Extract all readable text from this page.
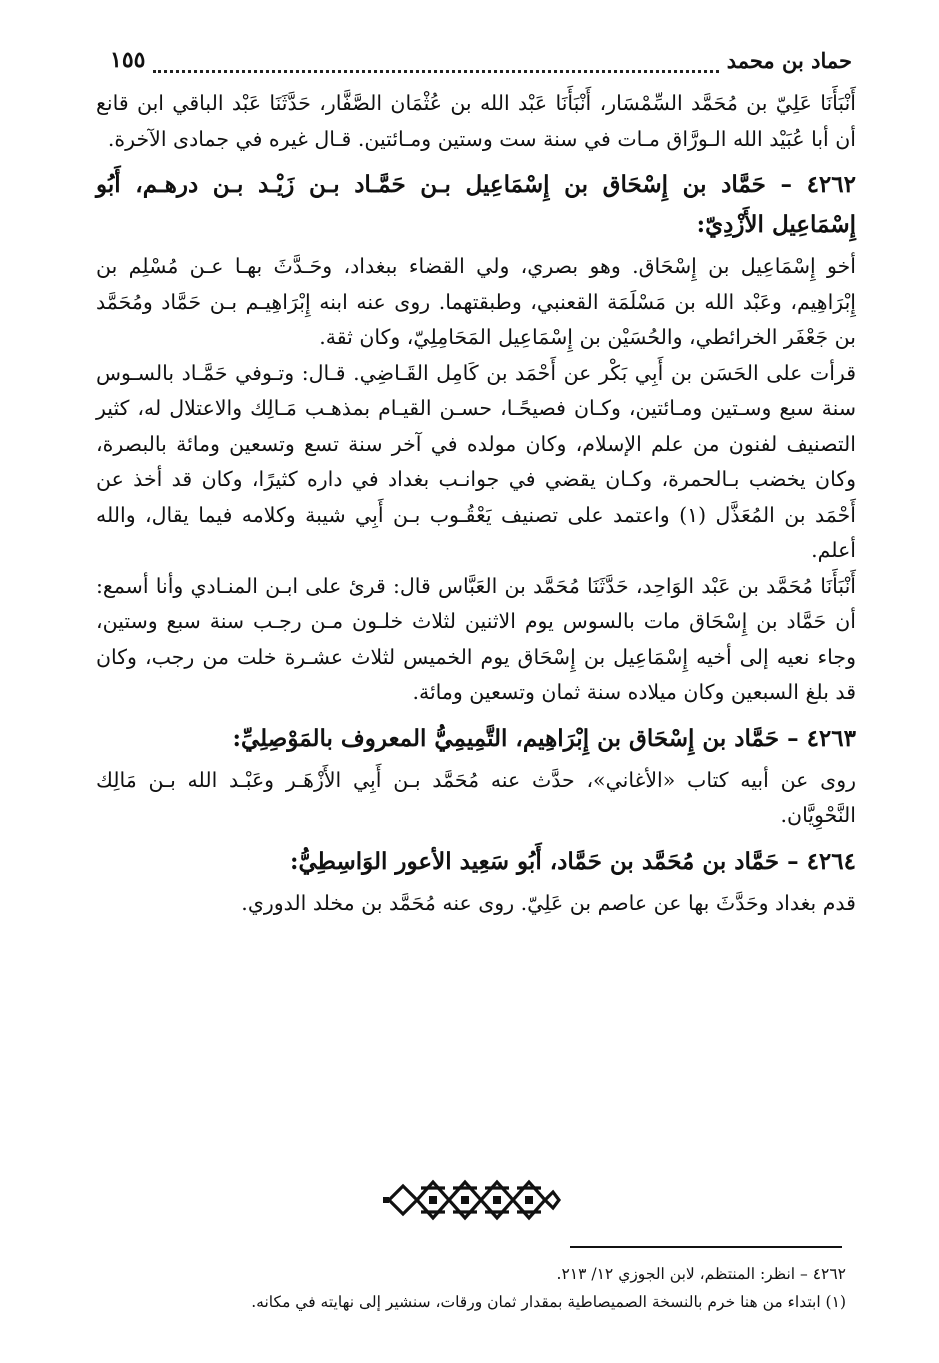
حماد بن محمد
١٥٥

أَنْبَأَنَا عَلِيّ بن مُحَمَّد السِّمْسَار، أَنْبَأَنَا عَبْد الله بن عُثْمَان الصَّفَّار، حَدَّثَنَا عَبْد الباقي ابن قانع أن أبا عُبَيْد الله الـورَّاق مـات في سنة ست وستين ومـائتين. قـال غيره في جمادى الآخرة.

٤٢٦٢ – حَمَّاد بن إِسْحَاق بن إِسْمَاعِيل بـن حَمَّـاد بـن زَيْـد بـن درهـم، أَبُو إِسْمَاعِيل الأَزْدِيّ:

أخو إِسْمَاعِيل بن إِسْحَاق. وهو بصري، ولي القضاء ببغداد، وحَـدَّثَ بهـا عـن مُسْلِم بن إِبْرَاهِيم، وعَبْد الله بن مَسْلَمَة القعنبي، وطبقتهما. روى عنه ابنه إِبْرَاهِيـم بـن حَمَّاد ومُحَمَّد بن جَعْفَر الخرائطي، والحُسَيْن بن إِسْمَاعِيل المَحَامِلِيّ، وكان ثقة.

قرأت على الحَسَن بن أَبِي بَكْر عن أَحْمَد بن كَامِل القَـاضِي. قـال: وتـوفي حَمَّـاد بالسـوس سنة سبع وسـتين ومـائتين، وكـان فصيحًـا، حسـن القيـام بمذهـب مَـالِك والاعتلال له، كثير التصنيف لفنون من علم الإسلام، وكان مولده في آخر سنة تسع وتسعين ومائة بالبصرة، وكان يخضب بـالحمرة، وكـان يقضي في جوانـب بغداد في داره كثيرًا، وكان قد أخذ عن أَحْمَد بن المُعَذَّل (١) واعتمد على تصنيف يَعْقُـوب بـن أَبِي شيبة وكلامه فيما يقال، والله أعلم.

أَنْبَأَنَا مُحَمَّد بن عَبْد الوَاحِد، حَدَّثَنَا مُحَمَّد بن العَبَّاس قال: قرئ على ابـن المنـادي وأنا أسمع: أن حَمَّاد بن إِسْحَاق مات بالسوس يوم الاثنين لثلاث خلـون مـن رجـب سنة سبع وستين، وجاء نعيه إلى أخيه إِسْمَاعِيل بن إِسْحَاق يوم الخميس لثلاث عشـرة خلت من رجب، وكان قد بلغ السبعين وكان ميلاده سنة ثمان وتسعين ومائة.

٤٢٦٣ – حَمَّاد بن إِسْحَاق بن إِبْرَاهِيم، التَّمِيمِيُّ المعروف بالمَوْصِلِيِّ:

روى عن أبيه كتاب «الأغاني»، حدَّث عنه مُحَمَّد بـن أَبِي الأَزْهَـر وعَبْـد الله بـن مَالِك النَّحْوِيَّان.

٤٢٦٤ – حَمَّاد بن مُحَمَّد بن حَمَّاد، أَبُو سَعِيد الأعور الوَاسِطِيُّ:

قدم بغداد وحَدَّثَ بها عن عاصم بن عَلِيّ. روى عنه مُحَمَّد بن مخلد الدوري.

٤٢٦٢ – انظر: المنتظم، لابن الجوزي ١٢/ ٢١٣.
(١) ابتداء من هنا خرم بالنسخة الصميصاطية بمقدار ثمان ورقات، سنشير إلى نهايته في مكانه.
